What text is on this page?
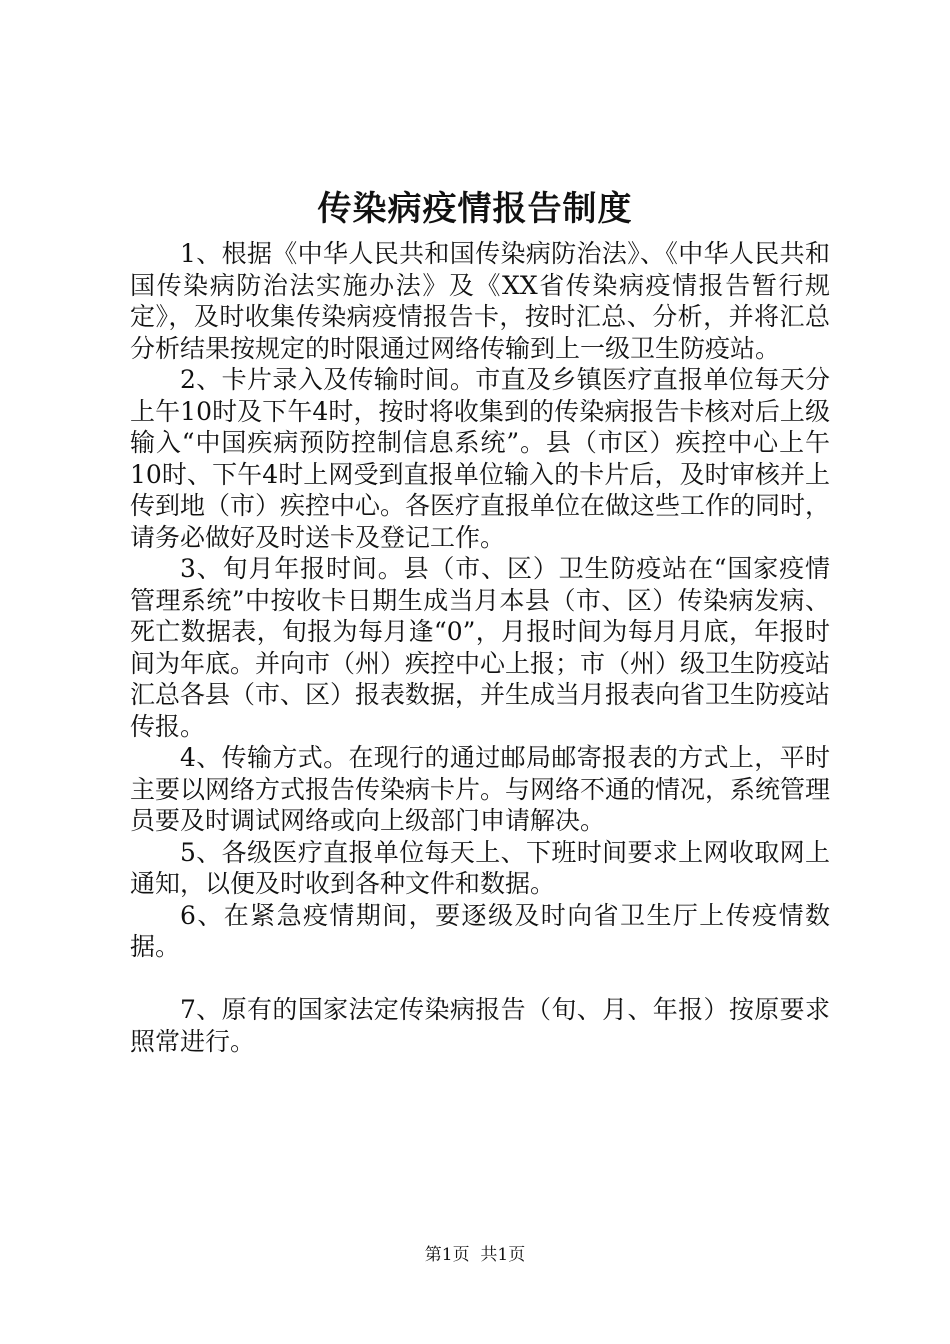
传染病疫情报告制度

1、根据《中华人民共和国传染病防治法》、《中华人民共和国传染病防治法实施办法》及《XX省传染病疫情报告暂行规定》，及时收集传染病疫情报告卡，按时汇总、分析，并将汇总分析结果按规定的时限通过网络传输到上一级卫生防疫站。

2、卡片录入及传输时间。市直及乡镇医疗直报单位每天分上午10时及下午4时，按时将收集到的传染病报告卡核对后上级输入“中国疾病预防控制信息系统”。县（市区）疾控中心上午10时、下午4时上网受到直报单位输入的卡片后，及时审核并上传到地（市）疾控中心。各医疗直报单位在做这些工作的同时，请务必做好及时送卡及登记工作。

3、旬月年报时间。县（市、区）卫生防疫站在“国家疫情管理系统”中按收卡日期生成当月本县（市、区）传染病发病、死亡数据表，旬报为每月逢“0”，月报时间为每月月底，年报时间为年底。并向市（州）疾控中心上报；市（州）级卫生防疫站汇总各县（市、区）报表数据，并生成当月报表向省卫生防疫站传报。

4、传输方式。在现行的通过邮局邮寄报表的方式上，平时主要以网络方式报告传染病卡片。与网络不通的情况，系统管理员要及时调试网络或向上级部门申请解决。

5、各级医疗直报单位每天上、下班时间要求上网收取网上通知，以便及时收到各种文件和数据。

6、在紧急疫情期间，要逐级及时向省卫生厅上传疫情数据。

7、原有的国家法定传染病报告（旬、月、年报）按原要求照常进行。

第1页 共1页
